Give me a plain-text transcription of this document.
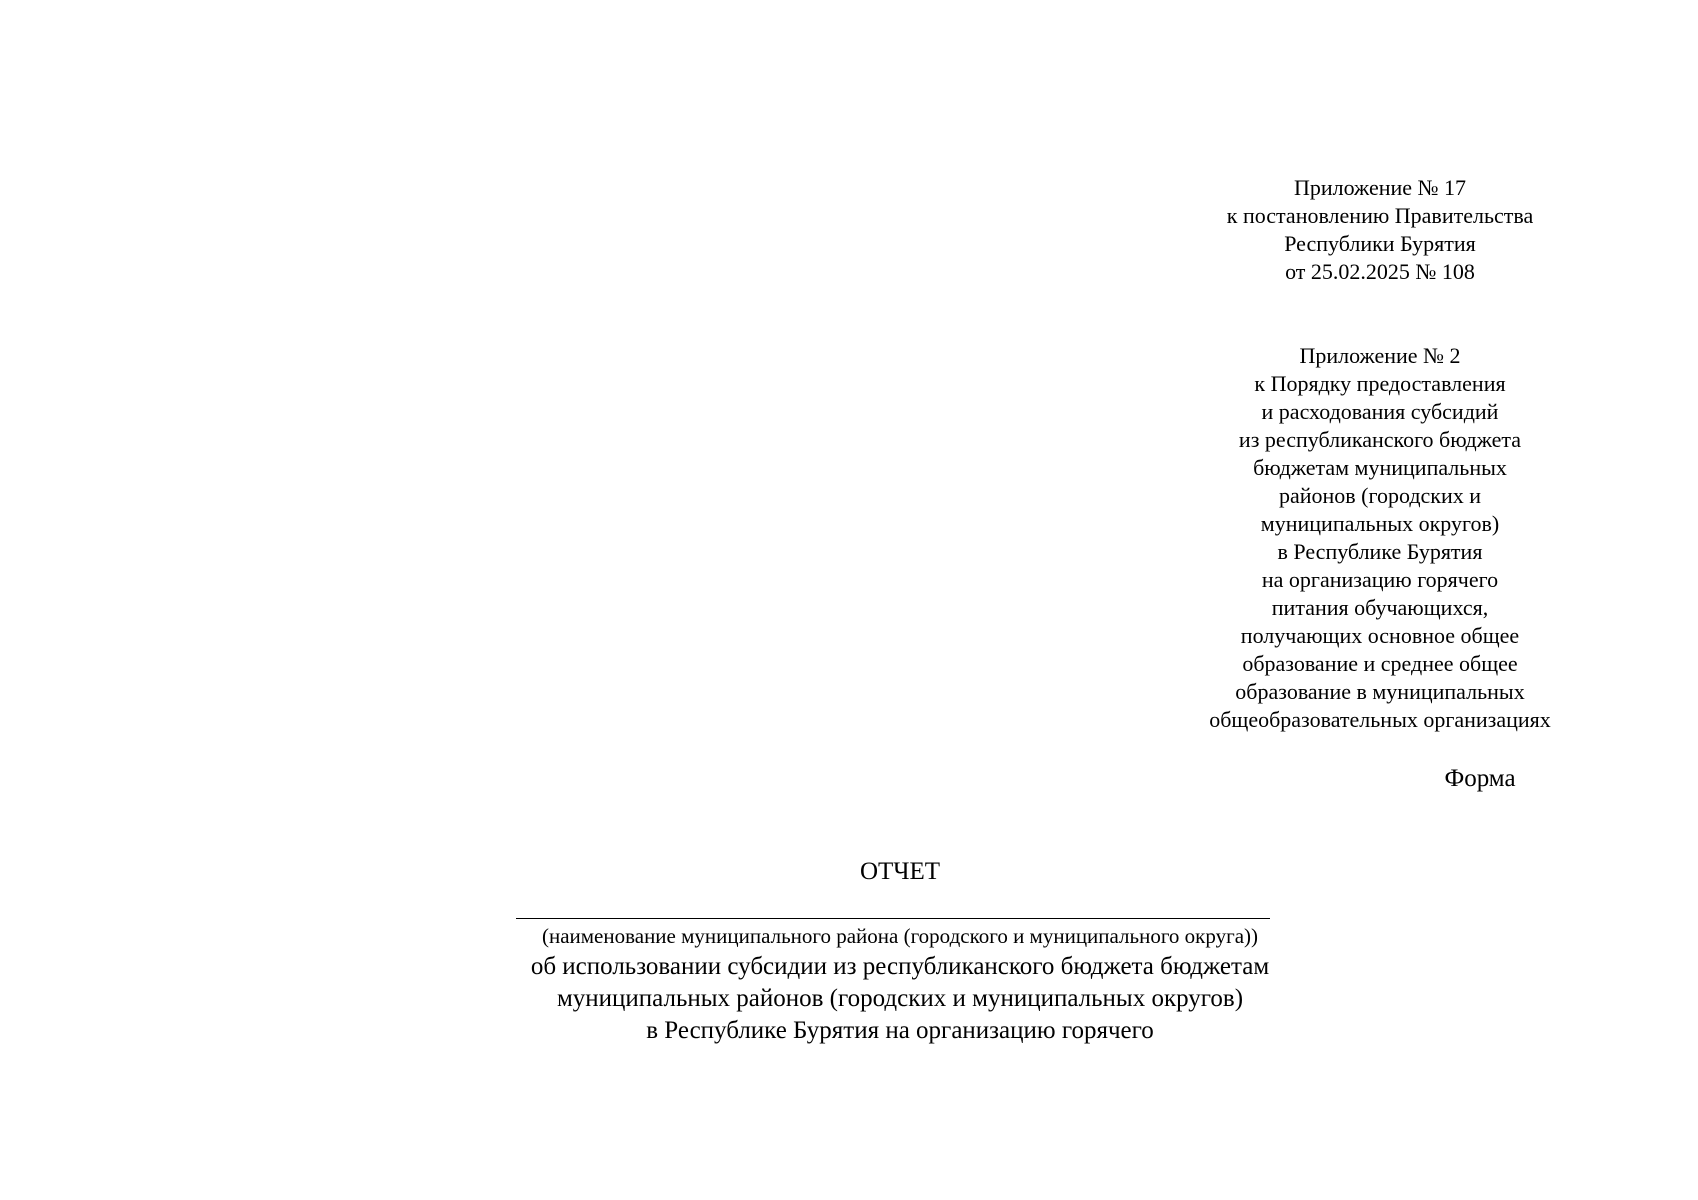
Приложение № 17
к постановлению Правительства
Республики Бурятия
от 25.02.2025 № 108
Приложение № 2
к Порядку предоставления
и расходования субсидий
из республиканского бюджета
бюджетам муниципальных
районов (городских и
муниципальных округов)
в Республике Бурятия
на организацию горячего
питания обучающихся,
получающих основное общее
образование и среднее общее
образование в муниципальных
общеобразовательных организациях
Форма
ОТЧЕТ
(наименование муниципального района (городского и муниципального округа))
об использовании субсидии из республиканского бюджета бюджетам
муниципальных районов (городских и муниципальных округов)
в Республике Бурятия на организацию горячего
